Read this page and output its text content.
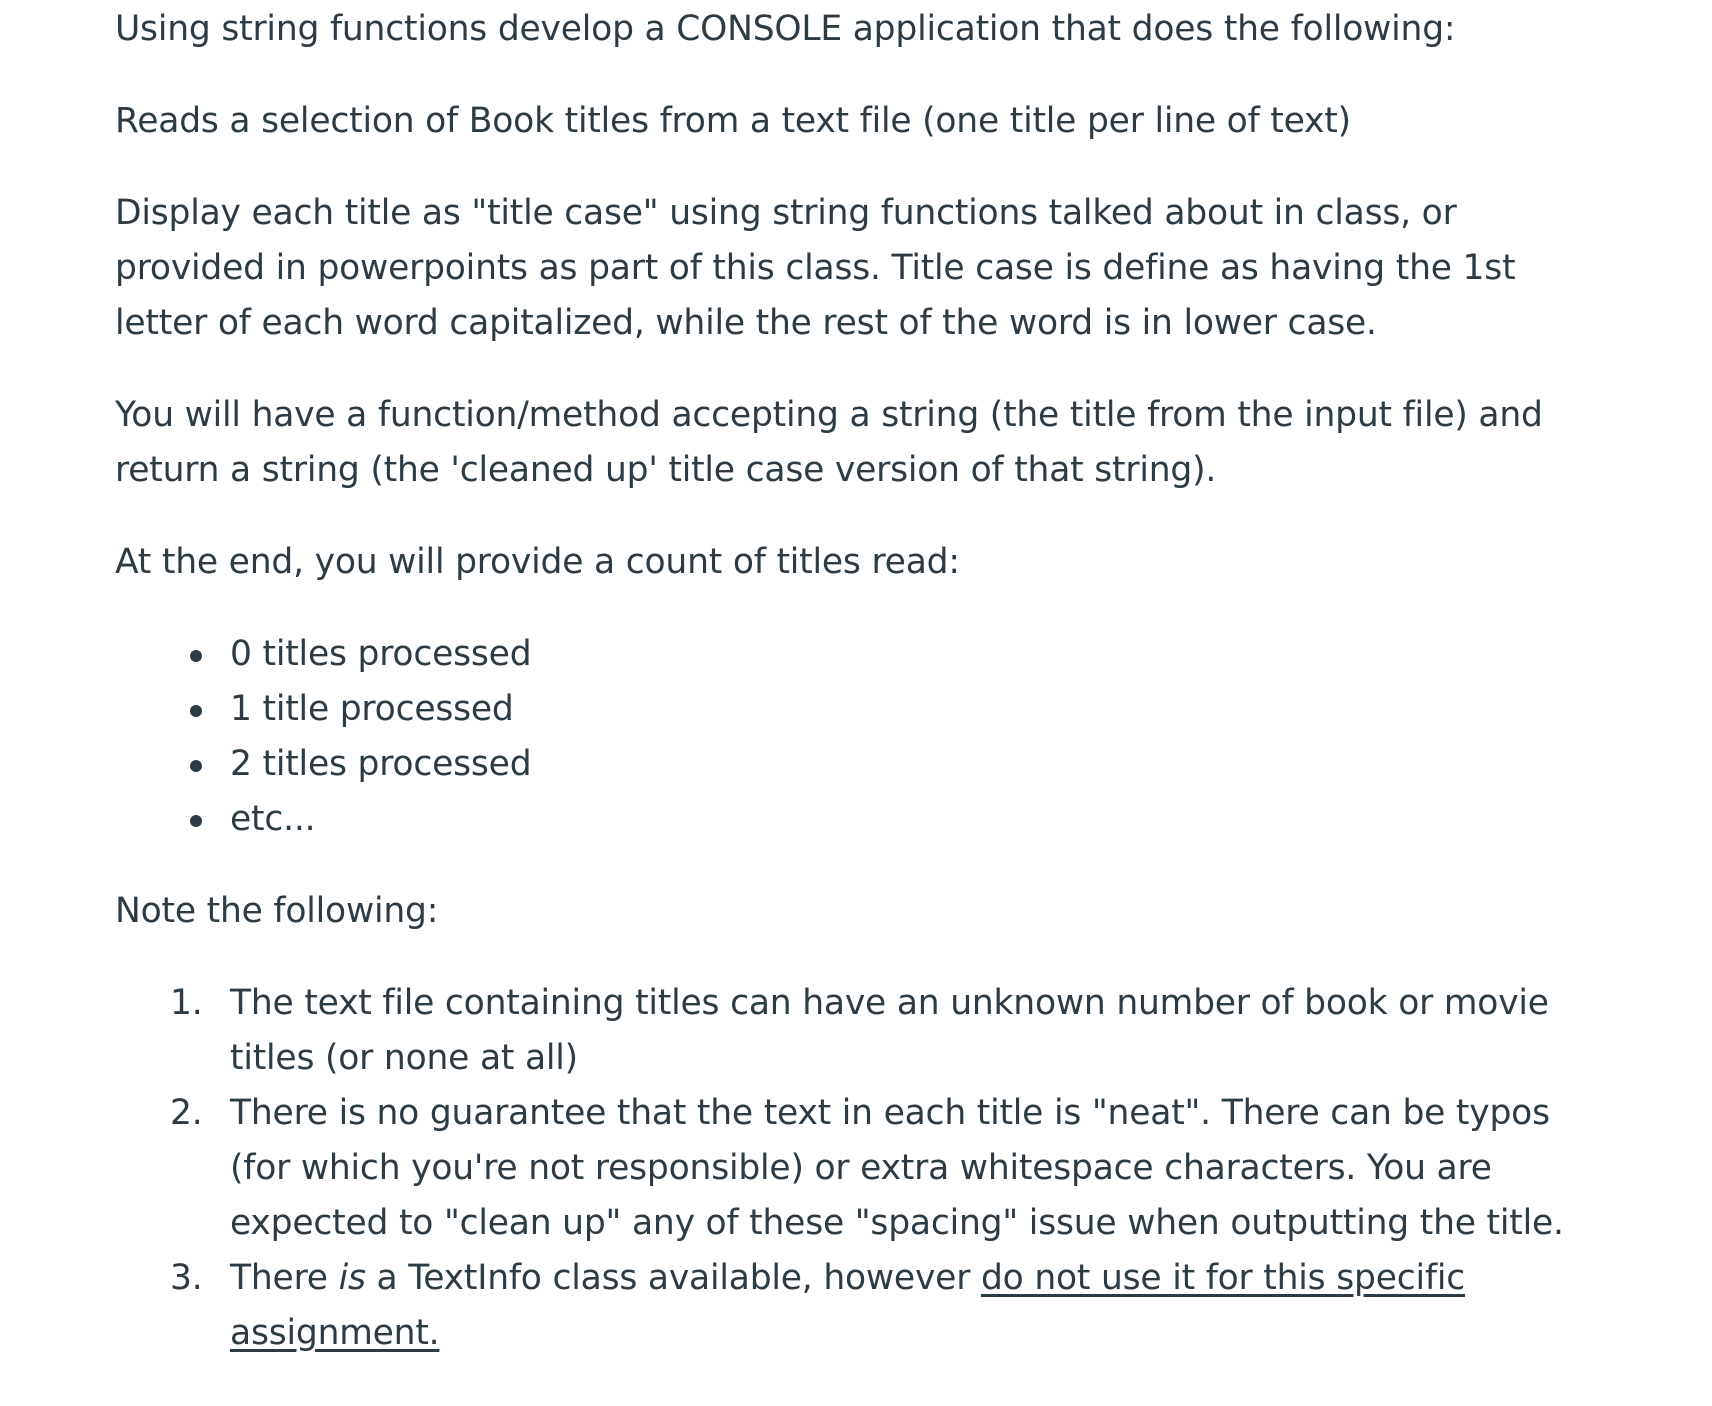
Using string functions develop a CONSOLE application that does the following:

Reads a selection of Book titles from a text file (one title per line of text)

Display each title as "title case" using string functions talked about in class, or provided in powerpoints as part of this class. Title case is define as having the 1st letter of each word capitalized, while the rest of the word is in lower case.

You will have a function/method accepting a string (the title from the input file) and return a string (the 'cleaned up' title case version of that string).

At the end, you will provide a count of titles read:

0 titles processed
1 title processed
2 titles processed
etc...

Note the following:

The text file containing titles can have an unknown number of book or movie titles (or none at all)
There is no guarantee that the text in each title is "neat". There can be typos (for which you're not responsible) or extra whitespace characters. You are expected to "clean up" any of these "spacing" issue when outputting the title.
There is a TextInfo class available, however do not use it for this specific assignment.
